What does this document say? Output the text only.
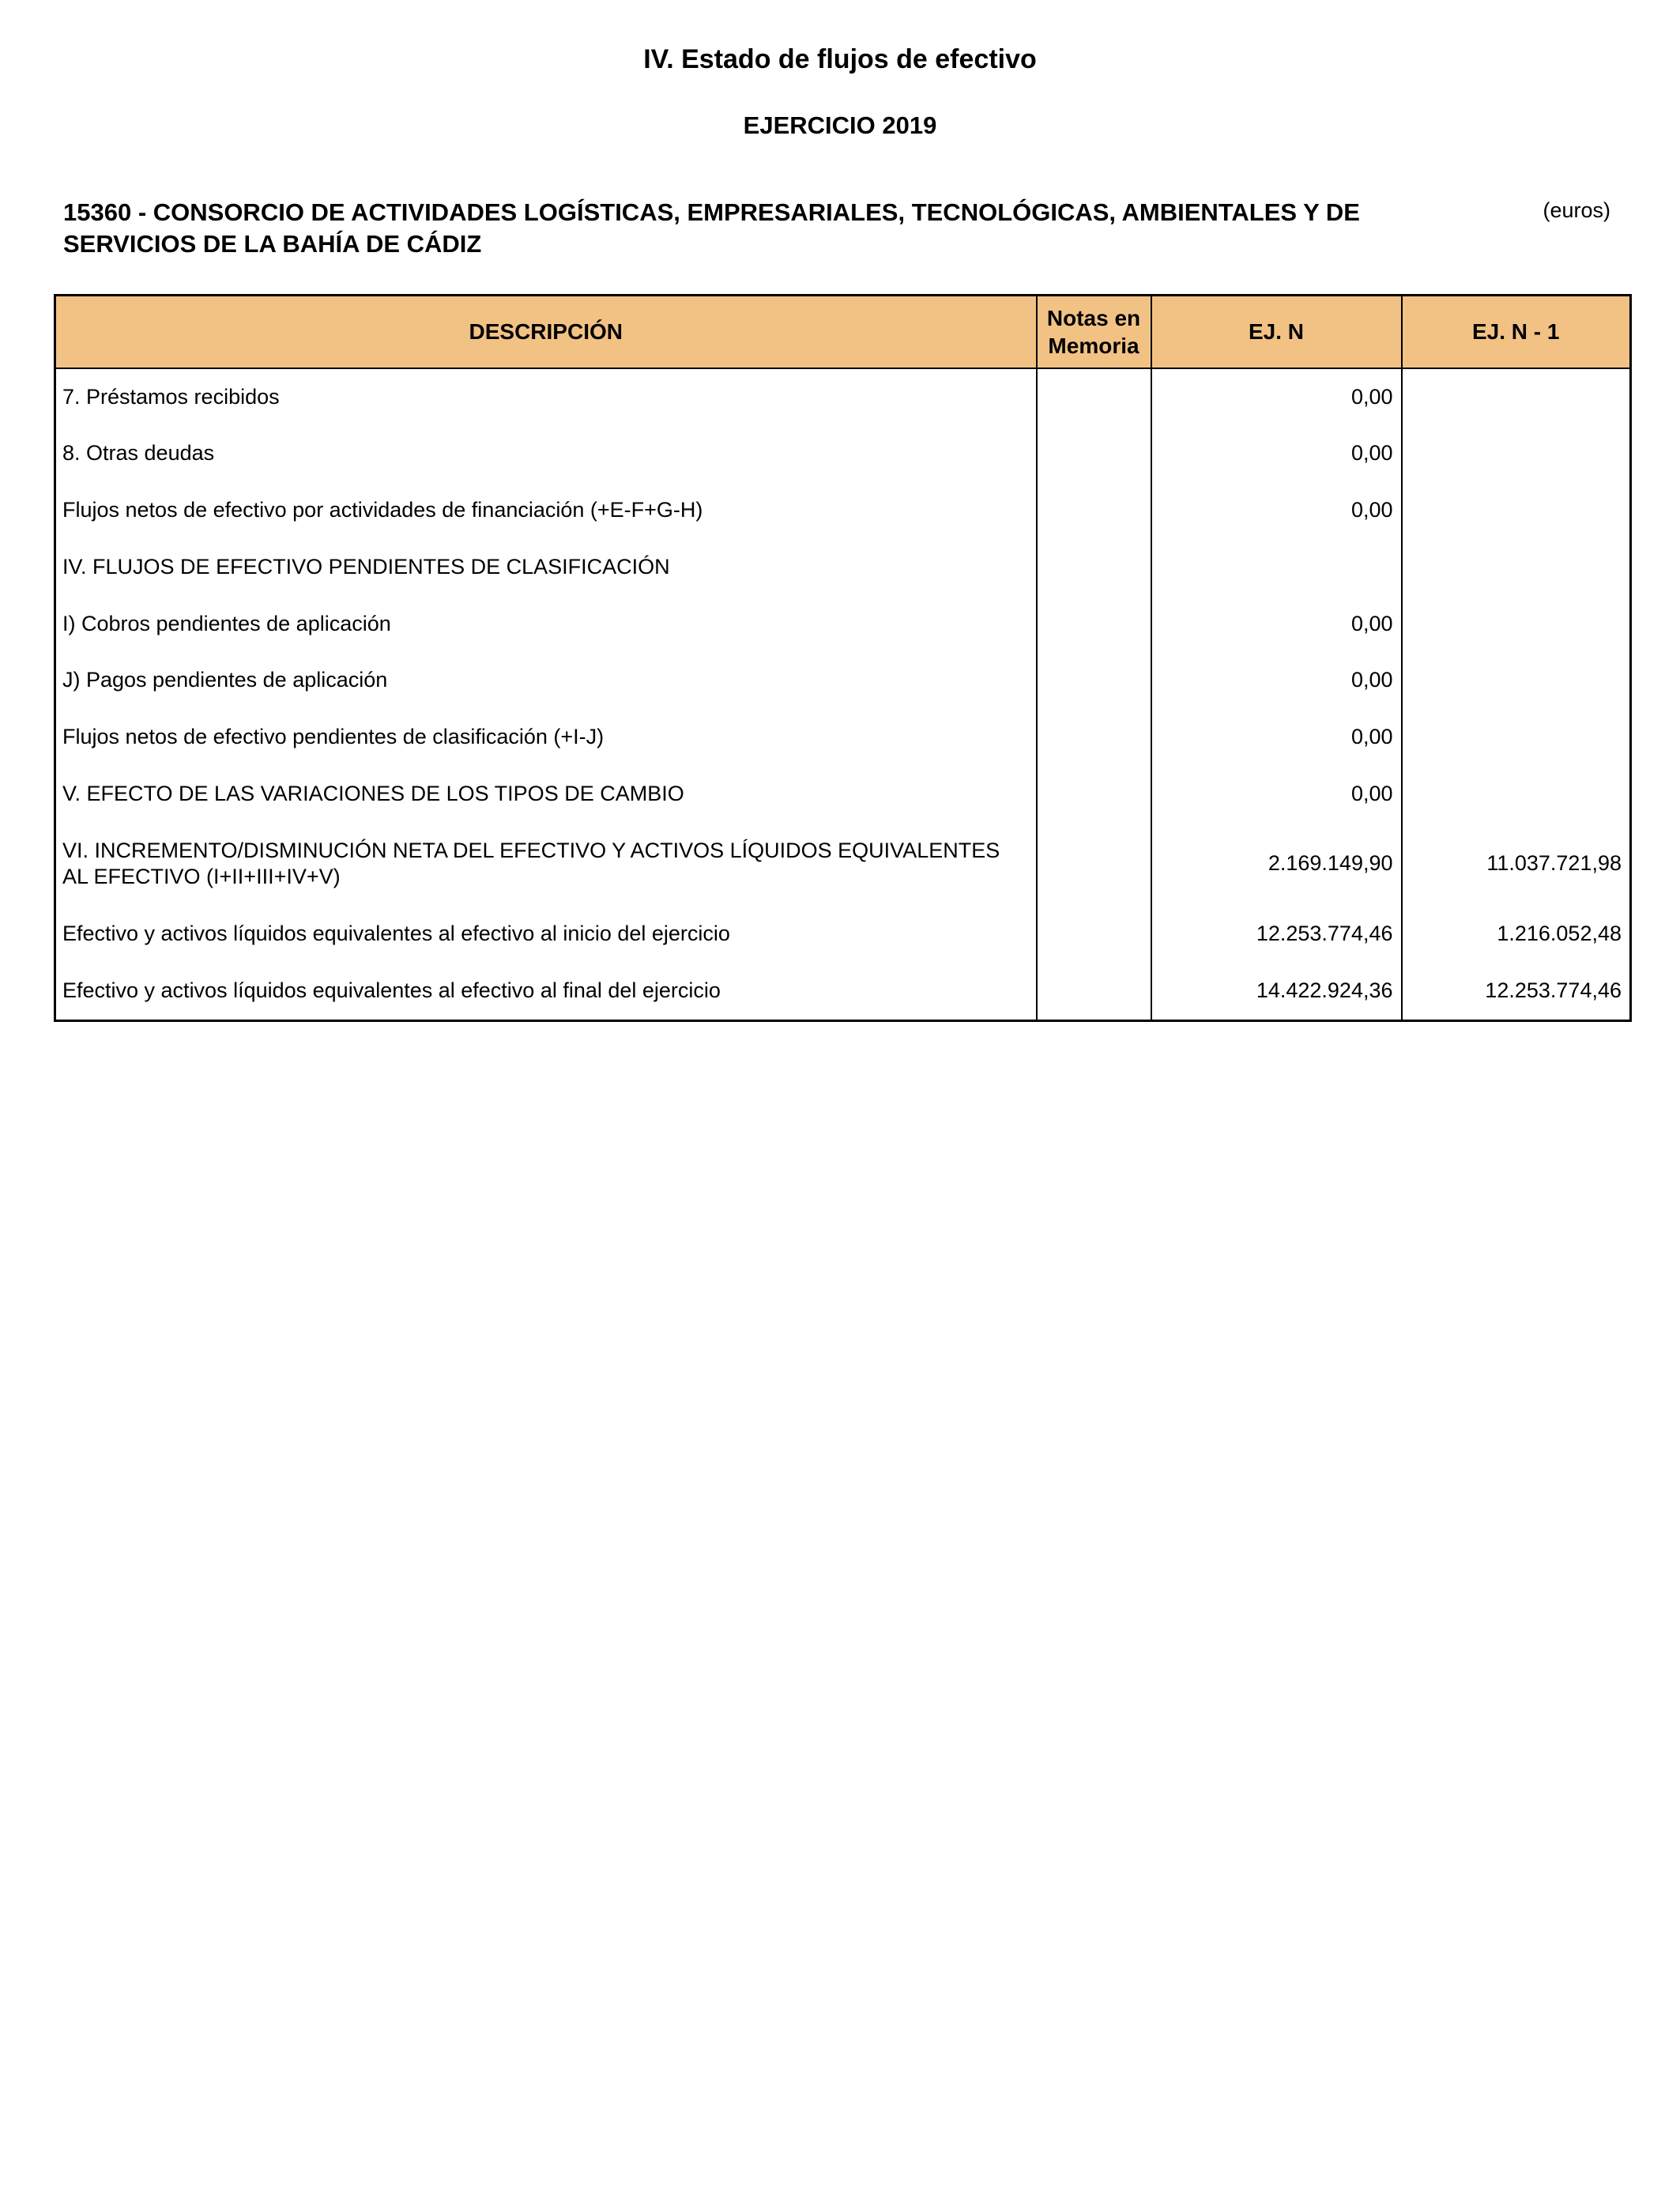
IV. Estado de flujos de efectivo
EJERCICIO 2019
15360 - CONSORCIO DE ACTIVIDADES LOGÍSTICAS, EMPRESARIALES, TECNOLÓGICAS, AMBIENTALES Y DE SERVICIOS DE LA BAHÍA DE CÁDIZ
(euros)
DESCRIPCIÓN	Notas en Memoria	EJ. N	EJ. N - 1
7. Préstamos recibidos		0,00	
8. Otras deudas		0,00	
Flujos netos de efectivo por actividades de financiación (+E-F+G-H)		0,00	
IV. FLUJOS DE EFECTIVO PENDIENTES DE CLASIFICACIÓN			
I) Cobros pendientes de aplicación		0,00	
J) Pagos pendientes de aplicación		0,00	
Flujos netos de efectivo pendientes de clasificación (+I-J)		0,00	
V. EFECTO DE LAS VARIACIONES DE LOS TIPOS DE CAMBIO		0,00	
VI. INCREMENTO/DISMINUCIÓN NETA DEL EFECTIVO Y ACTIVOS LÍQUIDOS EQUIVALENTES AL EFECTIVO (I+II+III+IV+V)		2.169.149,90	11.037.721,98
Efectivo y activos líquidos equivalentes al efectivo al inicio del ejercicio		12.253.774,46	1.216.052,48
Efectivo y activos líquidos equivalentes al efectivo al final del ejercicio		14.422.924,36	12.253.774,46
